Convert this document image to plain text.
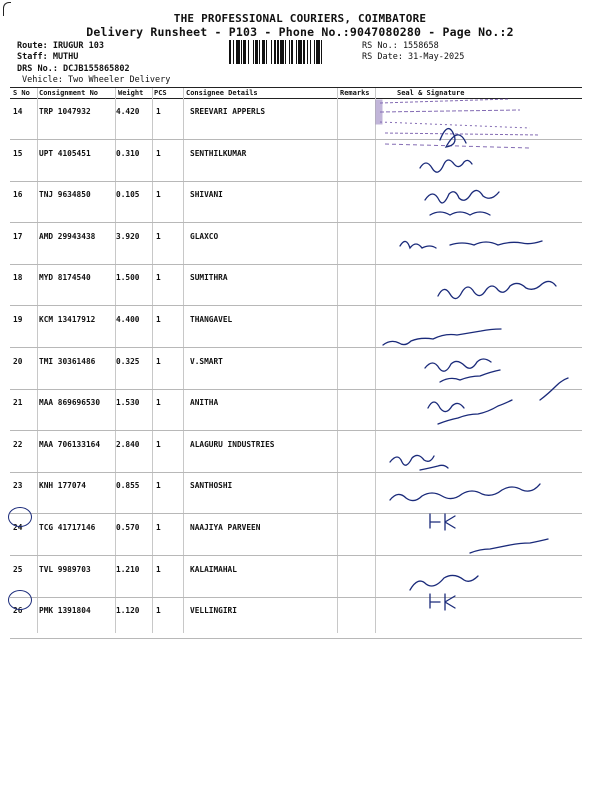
THE PROFESSIONAL COURIERS, COIMBATORE
Delivery Runsheet - P103 - Phone No.:9047080280 - Page No.:2
Route: IRUGUR 103
Staff: MUTHU
DRS No.: DCJB155865802
Vehicle: Two Wheeler Delivery
RS No.: 1558658
RS Date: 31-May-2025
S No Consignment No	Weight PCS	Consignee Details	Remarks	Seal & Signature
14 TRP 1047932	4.420 1	SREEVARI APPERLS
15 UPT 4105451	0.310 1	SENTHILKUMAR
16 TNJ 9634850	0.105 1	SHIVANI
17 AMD 29943438	3.920 1	GLAXCO
18 MYD 8174540	1.500 1	SUMITHRA
19 KCM 13417912	4.400 1	THANGAVEL
20 TMI 30361486	0.325 1	V.SMART
21 MAA 869696530 1.530 1	ANITHA
22 MAA 706133164 2.840 1	ALAGURU INDUSTRIES
23 KNH 177074	0.855 1	SANTHOSHI
24 TCG 41717146	0.570 1	NAAJIYA PARVEEN
25 TVL 9989703	1.210 1	KALAIMAHAL
26 PMK 1391804	1.120 1	VELLINGIRI
